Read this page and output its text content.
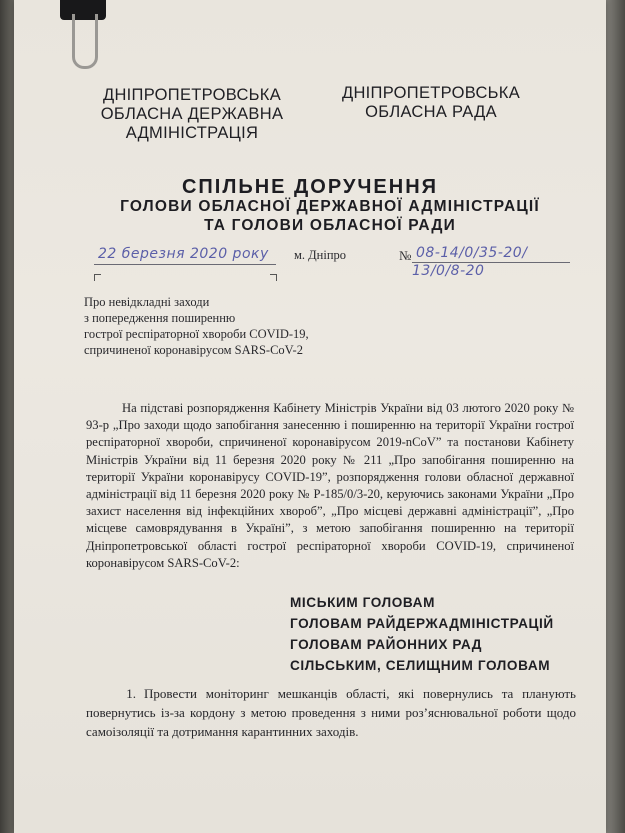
ДНІПРОПЕТРОВСЬКА
ОБЛАСНА ДЕРЖАВНА
АДМІНІСТРАЦІЯ
ДНІПРОПЕТРОВСЬКА
ОБЛАСНА РАДА
СПІЛЬНЕ ДОРУЧЕННЯ
ГОЛОВИ ОБЛАСНОЇ ДЕРЖАВНОЇ АДМІНІСТРАЦІЇ
ТА ГОЛОВИ ОБЛАСНОЇ РАДИ
22 березня 2020 року м. Дніпро	№ 08-14/0/35-20/
13/0/8-20
Про невідкладні заходи
з попередження поширенню
гострої респіраторної хвороби COVID-19,
спричиненої коронавірусом SARS-CoV-2
На підставі розпорядження Кабінету Міністрів України від 03 лютого 2020 року № 93-р „Про заходи щодо запобігання занесенню і поширенню на території України гострої респіраторної хвороби, спричиненої коронавірусом 2019-nCoV” та постанови Кабінету Міністрів України від 11 березня 2020 року № 211 „Про запобігання поширенню на території України коронавірусу COVID-19”, розпорядження голови обласної державної адміністрації від 11 березня 2020 року № Р-185/0/3-20, керуючись законами України „Про захист населення від інфекційних хвороб”, „Про місцеві державні адміністрації”, „Про місцеве самоврядування в Україні”, з метою запобігання поширенню на території Дніпропетровської області гострої респіраторної хвороби COVID-19, спричиненої коронавірусом SARS-CoV-2:
МІСЬКИМ ГОЛОВАМ
ГОЛОВАМ РАЙДЕРЖАДМІНІСТРАЦІЙ
ГОЛОВАМ РАЙОННИХ РАД
СІЛЬСЬКИМ, СЕЛИЩНИМ ГОЛОВАМ
1. Провести моніторинг мешканців області, які повернулись та планують повернутись із-за кордону з метою проведення з ними роз’яснювальної роботи щодо самоізоляції та дотримання карантинних заходів.
